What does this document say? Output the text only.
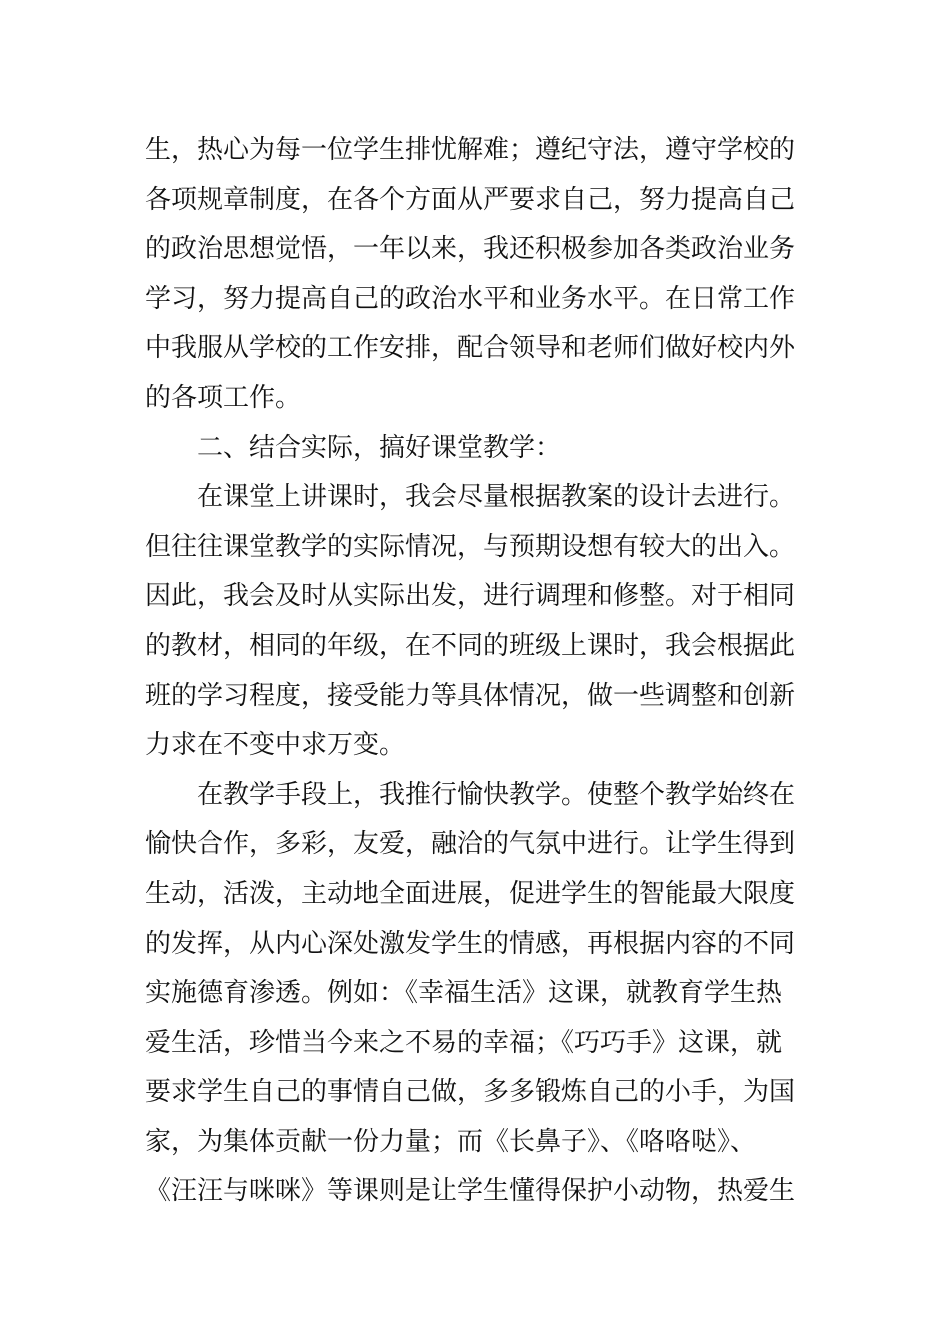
生，热心为每一位学生排忧解难；遵纪守法，遵守学校的
各项规章制度，在各个方面从严要求自己，努力提高自己
的政治思想觉悟，一年以来，我还积极参加各类政治业务
学习，努力提高自己的政治水平和业务水平。在日常工作
中我服从学校的工作安排，配合领导和老师们做好校内外
的各项工作。
二、结合实际，搞好课堂教学：
在课堂上讲课时，我会尽量根据教案的设计去进行。
但往往课堂教学的实际情况，与预期设想有较大的出入。
因此，我会及时从实际出发，进行调理和修整。对于相同
的教材，相同的年级，在不同的班级上课时，我会根据此
班的学习程度，接受能力等具体情况，做一些调整和创新
力求在不变中求万变。
在教学手段上，我推行愉快教学。使整个教学始终在
愉快合作，多彩，友爱，融洽的气氛中进行。让学生得到
生动，活泼，主动地全面进展，促进学生的智能最大限度
的发挥，从内心深处激发学生的情感，再根据内容的不同
实施德育渗透。例如：《幸福生活》这课，就教育学生热
爱生活，珍惜当今来之不易的幸福；《巧巧手》这课，就
要求学生自己的事情自己做，多多锻炼自己的小手，为国
家，为集体贡献一份力量；而《长鼻子》、《咯咯哒》、
《汪汪与咪咪》等课则是让学生懂得保护小动物，热爱生
